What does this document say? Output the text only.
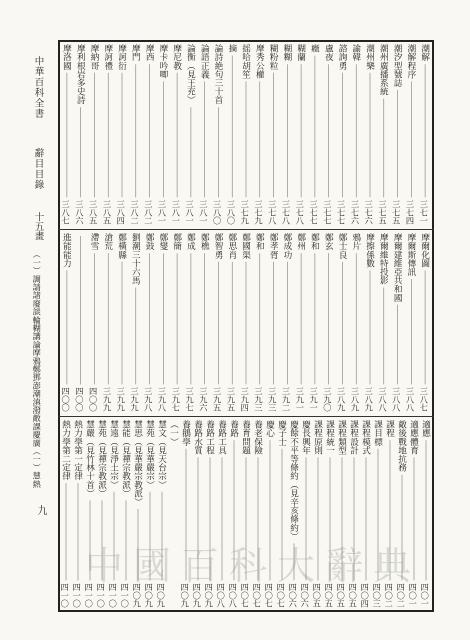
中華百科全書
辭目目錄
十五畫
（一）調請諸廢談輪糊講論摩鴉鄭鄧澎潮滇潑敵課慶廣（一）慧熱
九
潮解
三七一
潮解程序
三七四
潮汐型號誌
三七五
潮州廣播系統
三七五
潮州樂
三七六
諭韓
三七六
諮詢勇
三七七
盧夜
三七七
癥
三七七
糊蘭
三七八
糊糊
三七八
糊粉粒
三七八
摩秀公權
三七九
摇哈胡笙
三七九
摘
三八〇
論詩絶句三十首
三八〇
論語正義
三八一
論衡（見王充）
三八一
摩尼教
三八一
摩卡吟唧
三八一
摩西
三八二
摩門
三八二
摩訶衍
三八四
摩訶禮
三八五
摩納哥
三八五
摩利根岩多史詩
三八六
摩洛國
三八七
摩爾化圖
三八七
摩爾斯傳訊
三八八
摩爾建維亞共和國
三八八
摩爾維特投影
三八八
摩擦係數
三八九
鴉片
三八九
鄭士良
三八九
鄭玄
三九〇
鄭和
三九一
鄭州
三九一
鄭成功
三九二
鄭孝胥
三九三
鄭和
三九三
鄭國渠
三九四
鄭思肖
三九五
鄭智勇
三九五
鄭樵
三九六
鄭成
三九七
鄭簡
三九七
鄭燮
三九八
鄭鼓
三九八
劉潮三十六馬
三九九
鄭橫縣
三九九
滄荒
三九九
滯雪
四〇〇
四〇〇
進能能力
四〇〇
適應
四〇一
適應體育
四〇一
敵後戰地抗務
四〇二
課程
四〇二
課目標
四〇三
課程模式
四〇四
課程設計
四〇五
課程類型
四〇五
課程統一
四〇五
課程原則
四〇五
慶長興年
四〇六
慶餘不平等條約（見辛亥條約）
四〇六
慶子士
四〇七
慶心
四〇七
養老保險
四〇七
養育問題
四〇七
養路
四〇八
養路工具
四〇八
養路工程
四〇九
養路水質
四〇九
養鵝學
四〇九
（一）
慧文（見天台宗）
四〇九
慧苑（見華嚴宗）
四〇九
慧思（見華嚴宗教派）
四〇九
慧能（見禪宗教派）
四一〇
慧遠（見淨土宗）
四一〇
慧苑（見禪宗教派）
四一〇
慧嚴（見竹林十首）
四一〇
熱力學第一定律
四一〇
熱力學第二定律
四一〇
中國百科大辭典
